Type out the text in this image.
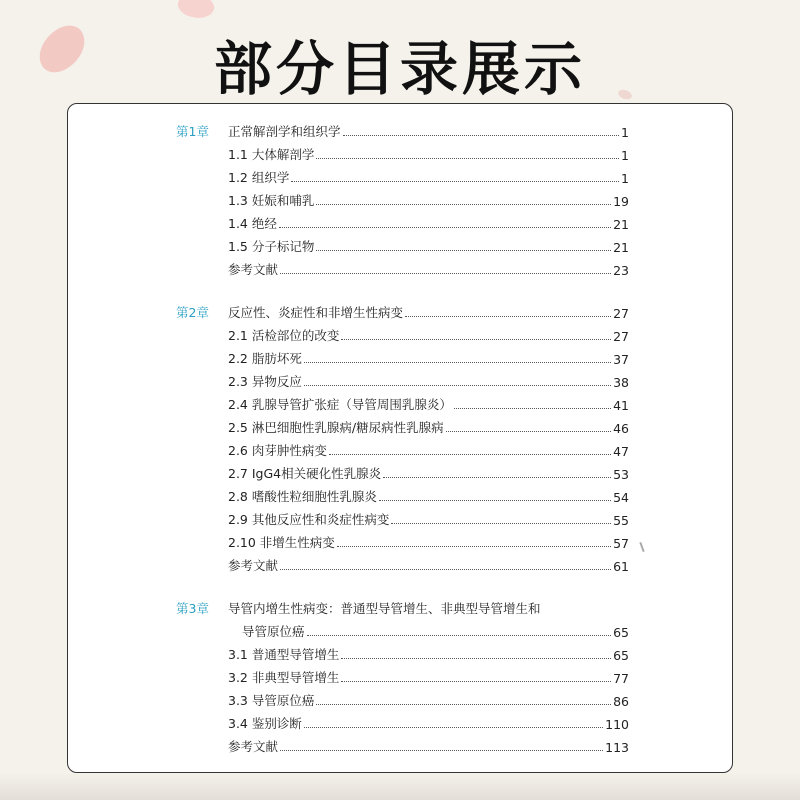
部分目录展示
第1章 正常解剖学和组织学	1
1.1 大体解剖学	1
1.2 组织学	1
1.3 妊娠和哺乳	19
1.4 绝经	21
1.5 分子标记物	21
参考文献	23
第2章 反应性、炎症性和非增生性病变	27
2.1 活检部位的改变	27
2.2 脂肪坏死	37
2.3 异物反应	38
2.4 乳腺导管扩张症（导管周围乳腺炎）	41
2.5 淋巴细胞性乳腺病/糖尿病性乳腺病	46
2.6 肉芽肿性病变	47
2.7 IgG4相关硬化性乳腺炎	53
2.8 嗜酸性粒细胞性乳腺炎	54
2.9 其他反应性和炎症性病变	55
2.10 非增生性病变	57
参考文献	61
第3章 导管内增生性病变：普通型导管增生、非典型导管增生和
导管原位癌	65
3.1 普通型导管增生	65
3.2 非典型导管增生	77
3.3 导管原位癌	86
3.4 鉴别诊断	110
参考文献	113
